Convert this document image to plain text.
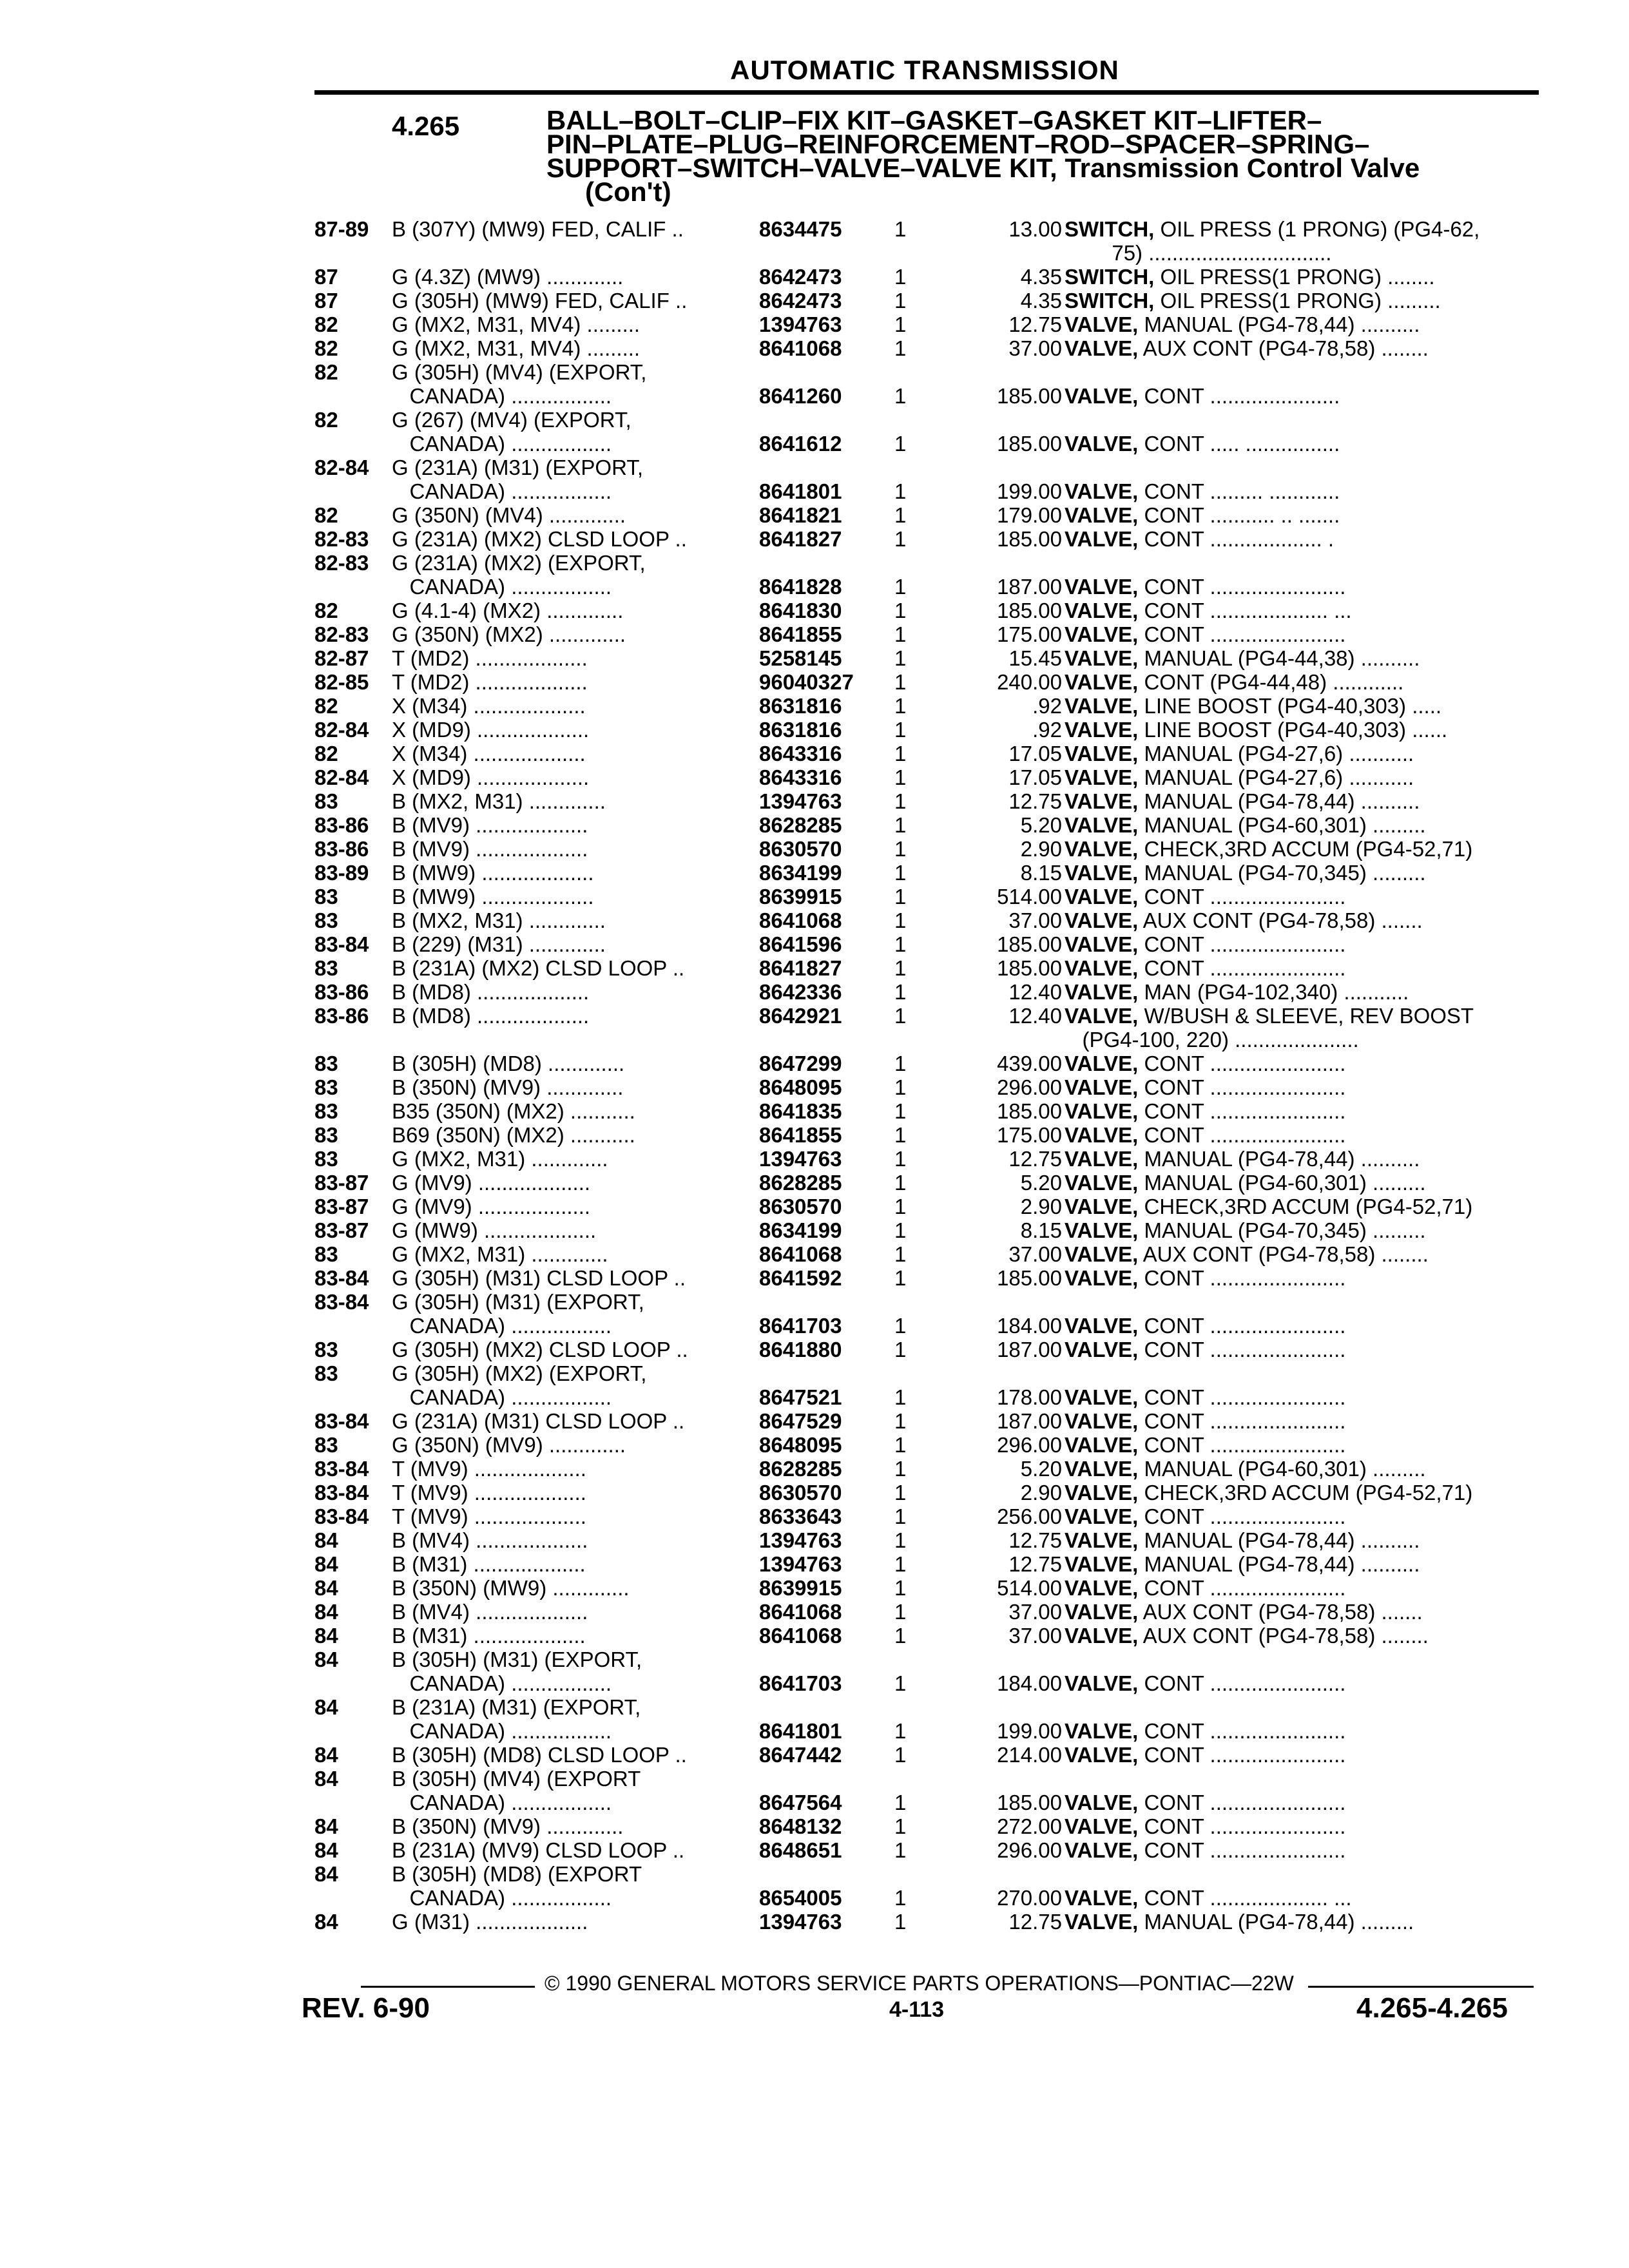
AUTOMATIC TRANSMISSION
4.265	BALL–BOLT–CLIP–FIX KIT–GASKET–GASKET KIT–LIFTER–
PIN–PLATE–PLUG–REINFORCEMENT–ROD–SPACER–SPRING–
SUPPORT–SWITCH–VALVE–VALVE KIT, Transmission Control Valve
(Con't)
87-89 B (307Y) (MW9) FED, CALIF ..	8634475 1	13.00 SWITCH, OIL PRESS (1 PRONG) (PG4-62,
75) ...............................
87	G (4.3Z) (MW9) .............	8642473 1	4.35 SWITCH, OIL PRESS(1 PRONG) ........
87	G (305H) (MW9) FED, CALIF ..	8642473 1	4.35 SWITCH, OIL PRESS(1 PRONG) .........
82	G (MX2, M31, MV4) .........	1394763 1	12.75 VALVE, MANUAL (PG4-78,44) ..........
82	G (MX2, M31, MV4) .........	8641068 1	37.00 VALVE, AUX CONT (PG4-78,58) ........
82	G (305H) (MV4) (EXPORT,
CANADA) .................	8641260 1	185.00 VALVE, CONT ......................
82	G (267) (MV4) (EXPORT,
CANADA) .................	8641612 1	185.00 VALVE, CONT ..... ................
82-84 G (231A) (M31) (EXPORT,
CANADA) .................	8641801 1	199.00 VALVE, CONT ......... ............
82	G (350N) (MV4) .............	8641821 1	179.00 VALVE, CONT ........... .. .......
82-83 G (231A) (MX2) CLSD LOOP ..	8641827 1	185.00 VALVE, CONT ................... .
82-83 G (231A) (MX2) (EXPORT,
CANADA) .................	8641828 1	187.00 VALVE, CONT .......................
82	G (4.1-4) (MX2) .............	8641830 1	185.00 VALVE, CONT .................... ...
82-83 G (350N) (MX2) .............	8641855 1	175.00 VALVE, CONT .......................
82-87 T (MD2) ...................	5258145 1	15.45 VALVE, MANUAL (PG4-44,38) ..........
82-85 T (MD2) ...................	96040327 1	240.00 VALVE, CONT (PG4-44,48) ............
82	X (M34) ...................	8631816 1	.92 VALVE, LINE BOOST (PG4-40,303) .....
82-84 X (MD9) ...................	8631816 1	.92 VALVE, LINE BOOST (PG4-40,303) ......
82	X (M34) ...................	8643316 1	17.05 VALVE, MANUAL (PG4-27,6) ...........
82-84 X (MD9) ...................	8643316 1	17.05 VALVE, MANUAL (PG4-27,6) ...........
83	B (MX2, M31) .............	1394763 1	12.75 VALVE, MANUAL (PG4-78,44) ..........
83-86 B (MV9) ...................	8628285 1	5.20 VALVE, MANUAL (PG4-60,301) .........
83-86 B (MV9) ...................	8630570 1	2.90 VALVE, CHECK,3RD ACCUM (PG4-52,71)
83-89 B (MW9) ...................	8634199 1	8.15 VALVE, MANUAL (PG4-70,345) .........
83	B (MW9) ...................	8639915 1	514.00 VALVE, CONT .......................
83	B (MX2, M31) .............	8641068 1	37.00 VALVE, AUX CONT (PG4-78,58) .......
83-84 B (229) (M31) .............	8641596 1	185.00 VALVE, CONT .......................
83	B (231A) (MX2) CLSD LOOP ..	8641827 1	185.00 VALVE, CONT .......................
83-86 B (MD8) ...................	8642336 1	12.40 VALVE, MAN (PG4-102,340) ...........
83-86 B (MD8) ...................	8642921 1	12.40 VALVE, W/BUSH & SLEEVE, REV BOOST
(PG4-100, 220) .....................
83	B (305H) (MD8) .............	8647299 1	439.00 VALVE, CONT .......................
83	B (350N) (MV9) .............	8648095 1	296.00 VALVE, CONT .......................
83	B35 (350N) (MX2) ...........	8641835 1	185.00 VALVE, CONT .......................
83	B69 (350N) (MX2) ...........	8641855 1	175.00 VALVE, CONT .......................
83	G (MX2, M31) .............	1394763 1	12.75 VALVE, MANUAL (PG4-78,44) ..........
83-87 G (MV9) ...................	8628285 1	5.20 VALVE, MANUAL (PG4-60,301) .........
83-87 G (MV9) ...................	8630570 1	2.90 VALVE, CHECK,3RD ACCUM (PG4-52,71)
83-87 G (MW9) ...................	8634199 1	8.15 VALVE, MANUAL (PG4-70,345) .........
83	G (MX2, M31) .............	8641068 1	37.00 VALVE, AUX CONT (PG4-78,58) ........
83-84 G (305H) (M31) CLSD LOOP ..	8641592 1	185.00 VALVE, CONT .......................
83-84 G (305H) (M31) (EXPORT,
CANADA) .................	8641703 1	184.00 VALVE, CONT .......................
83	G (305H) (MX2) CLSD LOOP ..	8641880 1	187.00 VALVE, CONT .......................
83	G (305H) (MX2) (EXPORT,
CANADA) .................	8647521 1	178.00 VALVE, CONT .......................
83-84 G (231A) (M31) CLSD LOOP ..	8647529 1	187.00 VALVE, CONT .......................
83	G (350N) (MV9) .............	8648095 1	296.00 VALVE, CONT .......................
83-84 T (MV9) ...................	8628285 1	5.20 VALVE, MANUAL (PG4-60,301) .........
83-84 T (MV9) ...................	8630570 1	2.90 VALVE, CHECK,3RD ACCUM (PG4-52,71)
83-84 T (MV9) ...................	8633643 1	256.00 VALVE, CONT .......................
84	B (MV4) ...................	1394763 1	12.75 VALVE, MANUAL (PG4-78,44) ..........
84	B (M31) ...................	1394763 1	12.75 VALVE, MANUAL (PG4-78,44) ..........
84	B (350N) (MW9) .............	8639915 1	514.00 VALVE, CONT .......................
84	B (MV4) ...................	8641068 1	37.00 VALVE, AUX CONT (PG4-78,58) .......
84	B (M31) ...................	8641068 1	37.00 VALVE, AUX CONT (PG4-78,58) ........
84	B (305H) (M31) (EXPORT,
CANADA) .................	8641703 1	184.00 VALVE, CONT .......................
84	B (231A) (M31) (EXPORT,
CANADA) .................	8641801 1	199.00 VALVE, CONT .......................
84	B (305H) (MD8) CLSD LOOP ..	8647442 1	214.00 VALVE, CONT .......................
84	B (305H) (MV4) (EXPORT
CANADA) .................	8647564 1	185.00 VALVE, CONT .......................
84	B (350N) (MV9) .............	8648132 1	272.00 VALVE, CONT .......................
84	B (231A) (MV9) CLSD LOOP ..	8648651 1	296.00 VALVE, CONT .......................
84	B (305H) (MD8) (EXPORT
CANADA) .................	8654005 1	270.00 VALVE, CONT .................... ...
84	G (M31) ...................	1394763 1	12.75 VALVE, MANUAL (PG4-78,44) .........
© 1990 GENERAL MOTORS SERVICE PARTS OPERATIONS—PONTIAC—22W
REV. 6-90	4-113	4.265-4.265
